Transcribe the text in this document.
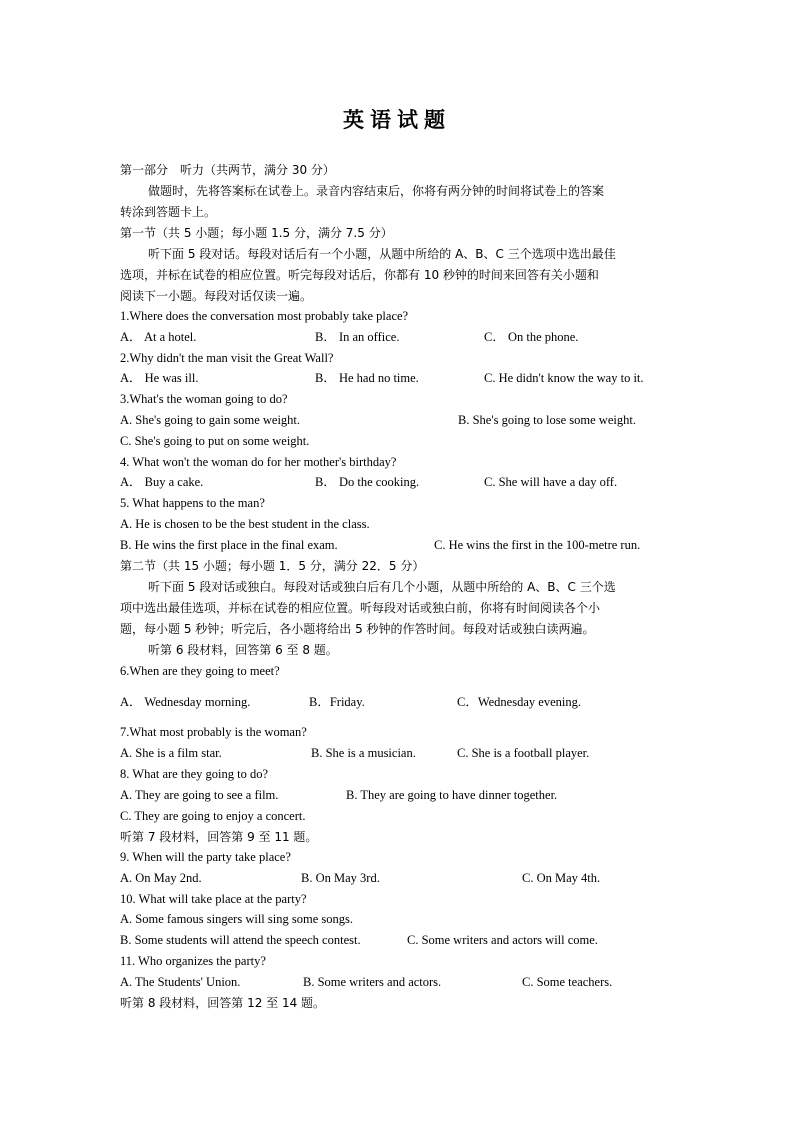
英语试题
第一部分　听力（共两节，满分 30 分）
做题时，先将答案标在试卷上。录音内容结束后，你将有两分钟的时间将试卷上的答案
转涂到答题卡上。
第一节（共 5 小题；每小题 1.5 分，满分 7.5 分）
听下面 5 段对话。每段对话后有一个小题，从题中所给的 A、B、C 三个选项中选出最佳
选项，并标在试卷的相应位置。听完每段对话后，你都有 10 秒钟的时间来回答有关小题和
阅读下一小题。每段对话仅读一遍。
1.Where does the conversation most probably take place?
A． At a hotel.	B． In an office.	C． On the phone.
2.Why didn't the man visit the Great Wall?
A． He was ill.	B． He had no time.	C. He didn't know the way to it.
3.What's the woman going to do?
A. She's going to gain some weight.	B. She's going to lose some weight.
C. She's going to put on some weight.
4. What won't the woman do for her mother's birthday?
A． Buy a cake.	B． Do the cooking.	C. She will have a day off.
5. What happens to the man?
A. He is chosen to be the best student in the class.
B. He wins the first place in the final exam.	C. He wins the first in the 100-metre run.
第二节（共 15 小题；每小题 1．5 分，满分 22．5 分）
听下面 5 段对话或独白。每段对话或独白后有几个小题，从题中所给的 A、B、C 三个选
项中选出最佳选项，并标在试卷的相应位置。听每段对话或独白前，你将有时间阅读各个小
题，每小题 5 秒钟；听完后，各小题将给出 5 秒钟的作答时间。每段对话或独白读两遍。
听第 6 段材料，回答第 6 至 8 题。
6.When are they going to meet?
A． Wednesday morning.	B．Friday.	C．Wednesday evening.
7.What most probably is the woman?
A. She is a film star.	B. She is a musician.	C. She is a football player.
8. What are they going to do?
A. They are going to see a film.	B. They are going to have dinner together.
C. They are going to enjoy a concert.
听第 7 段材料，回答第 9 至 11 题。
9. When will the party take place?
A. On May 2nd.	B. On May 3rd.	C. On May 4th.
10. What will take place at the party?
A. Some famous singers will sing some songs.
B. Some students will attend the speech contest.	C. Some writers and actors will come.
11. Who organizes the party?
A. The Students' Union.	B. Some writers and actors.	C. Some teachers.
听第 8 段材料，回答第 12 至 14 题。
